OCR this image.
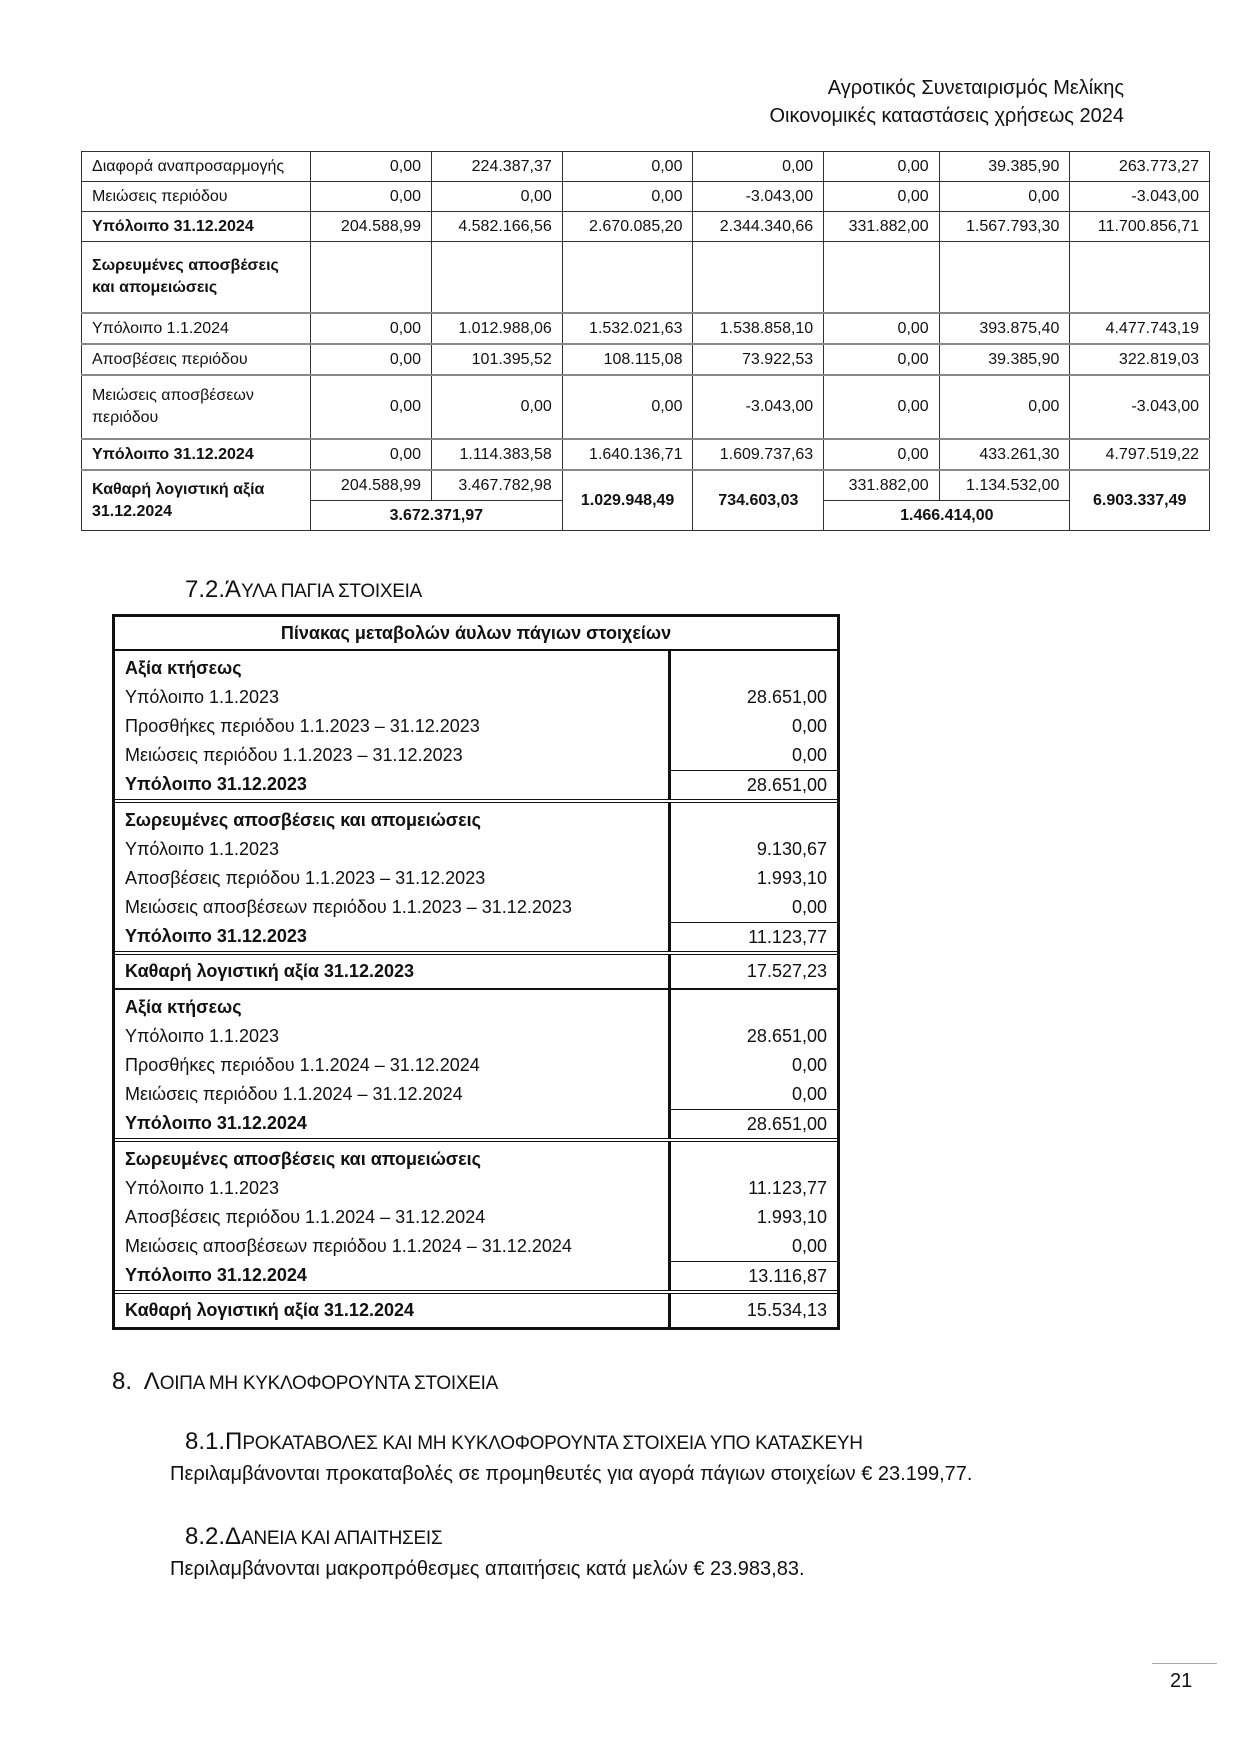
Αγροτικός Συνεταιρισμός Μελίκης
Οικονομικές καταστάσεις χρήσεως 2024
Διαφορά αναπροσαρμογής	0,00	224.387,37	0,00	0,00	0,00	39.385,90	263.773,27
Μειώσεις περιόδου	0,00	0,00	0,00	-3.043,00	0,00	0,00	-3.043,00
Υπόλοιπο 31.12.2024	204.588,99	4.582.166,56	2.670.085,20	2.344.340,66	331.882,00	1.567.793,30	11.700.856,71
Σωρευμένες αποσβέσεις και απομειώσεις							
Υπόλοιπο 1.1.2024	0,00	1.012.988,06	1.532.021,63	1.538.858,10	0,00	393.875,40	4.477.743,19
Αποσβέσεις περιόδου	0,00	101.395,52	108.115,08	73.922,53	0,00	39.385,90	322.819,03
Μειώσεις αποσβέσεων περιόδου	0,00	0,00	0,00	-3.043,00	0,00	0,00	-3.043,00
Υπόλοιπο 31.12.2024	0,00	1.114.383,58	1.640.136,71	1.609.737,63	0,00	433.261,30	4.797.519,22
Καθαρή λογιστική αξία 31.12.2024	204.588,99	3.467.782,98	1.029.948,49	734.603,03	331.882,00	1.134.532,00	6.903.337,49
	3.672.371,97				1.466.414,00		
7.2.ΆΥΛΑ ΠΑΓΙΑ ΣΤΟΙΧΕΙΑ
Πίνακας μεταβολών άυλων πάγιων στοιχείων
Αξία κτήσεως
Υπόλοιπο 1.1.2023	28.651,00
Προσθήκες περιόδου 1.1.2023 – 31.12.2023	0,00
Μειώσεις περιόδου 1.1.2023 – 31.12.2023	0,00
Υπόλοιπο 31.12.2023	28.651,00
Σωρευμένες αποσβέσεις και απομειώσεις
Υπόλοιπο 1.1.2023	9.130,67
Αποσβέσεις περιόδου 1.1.2023 – 31.12.2023	1.993,10
Μειώσεις αποσβέσεων περιόδου 1.1.2023 – 31.12.2023	0,00
Υπόλοιπο 31.12.2023	11.123,77
Καθαρή λογιστική αξία 31.12.2023	17.527,23
Αξία κτήσεως
Υπόλοιπο 1.1.2023	28.651,00
Προσθήκες περιόδου 1.1.2024 – 31.12.2024	0,00
Μειώσεις περιόδου 1.1.2024 – 31.12.2024	0,00
Υπόλοιπο 31.12.2024	28.651,00
Σωρευμένες αποσβέσεις και απομειώσεις
Υπόλοιπο 1.1.2023	11.123,77
Αποσβέσεις περιόδου 1.1.2024 – 31.12.2024	1.993,10
Μειώσεις αποσβέσεων περιόδου 1.1.2024 – 31.12.2024	0,00
Υπόλοιπο 31.12.2024	13.116,87
Καθαρή λογιστική αξία 31.12.2024	15.534,13
8. ΛΟΙΠΑ ΜΗ ΚΥΚΛΟΦΟΡΟΥΝΤΑ ΣΤΟΙΧΕΙΑ
8.1.ΠΡΟΚΑΤΑΒΟΛΕΣ ΚΑΙ ΜΗ ΚΥΚΛΟΦΟΡΟΥΝΤΑ ΣΤΟΙΧΕΙΑ ΥΠΟ ΚΑΤΑΣΚΕΥΗ
Περιλαμβάνονται προκαταβολές σε προμηθευτές για αγορά πάγιων στοιχείων € 23.199,77.
8.2.ΔΑΝΕΙΑ ΚΑΙ ΑΠΑΙΤΗΣΕΙΣ
Περιλαμβάνονται μακροπρόθεσμες απαιτήσεις κατά μελών € 23.983,83.
21
